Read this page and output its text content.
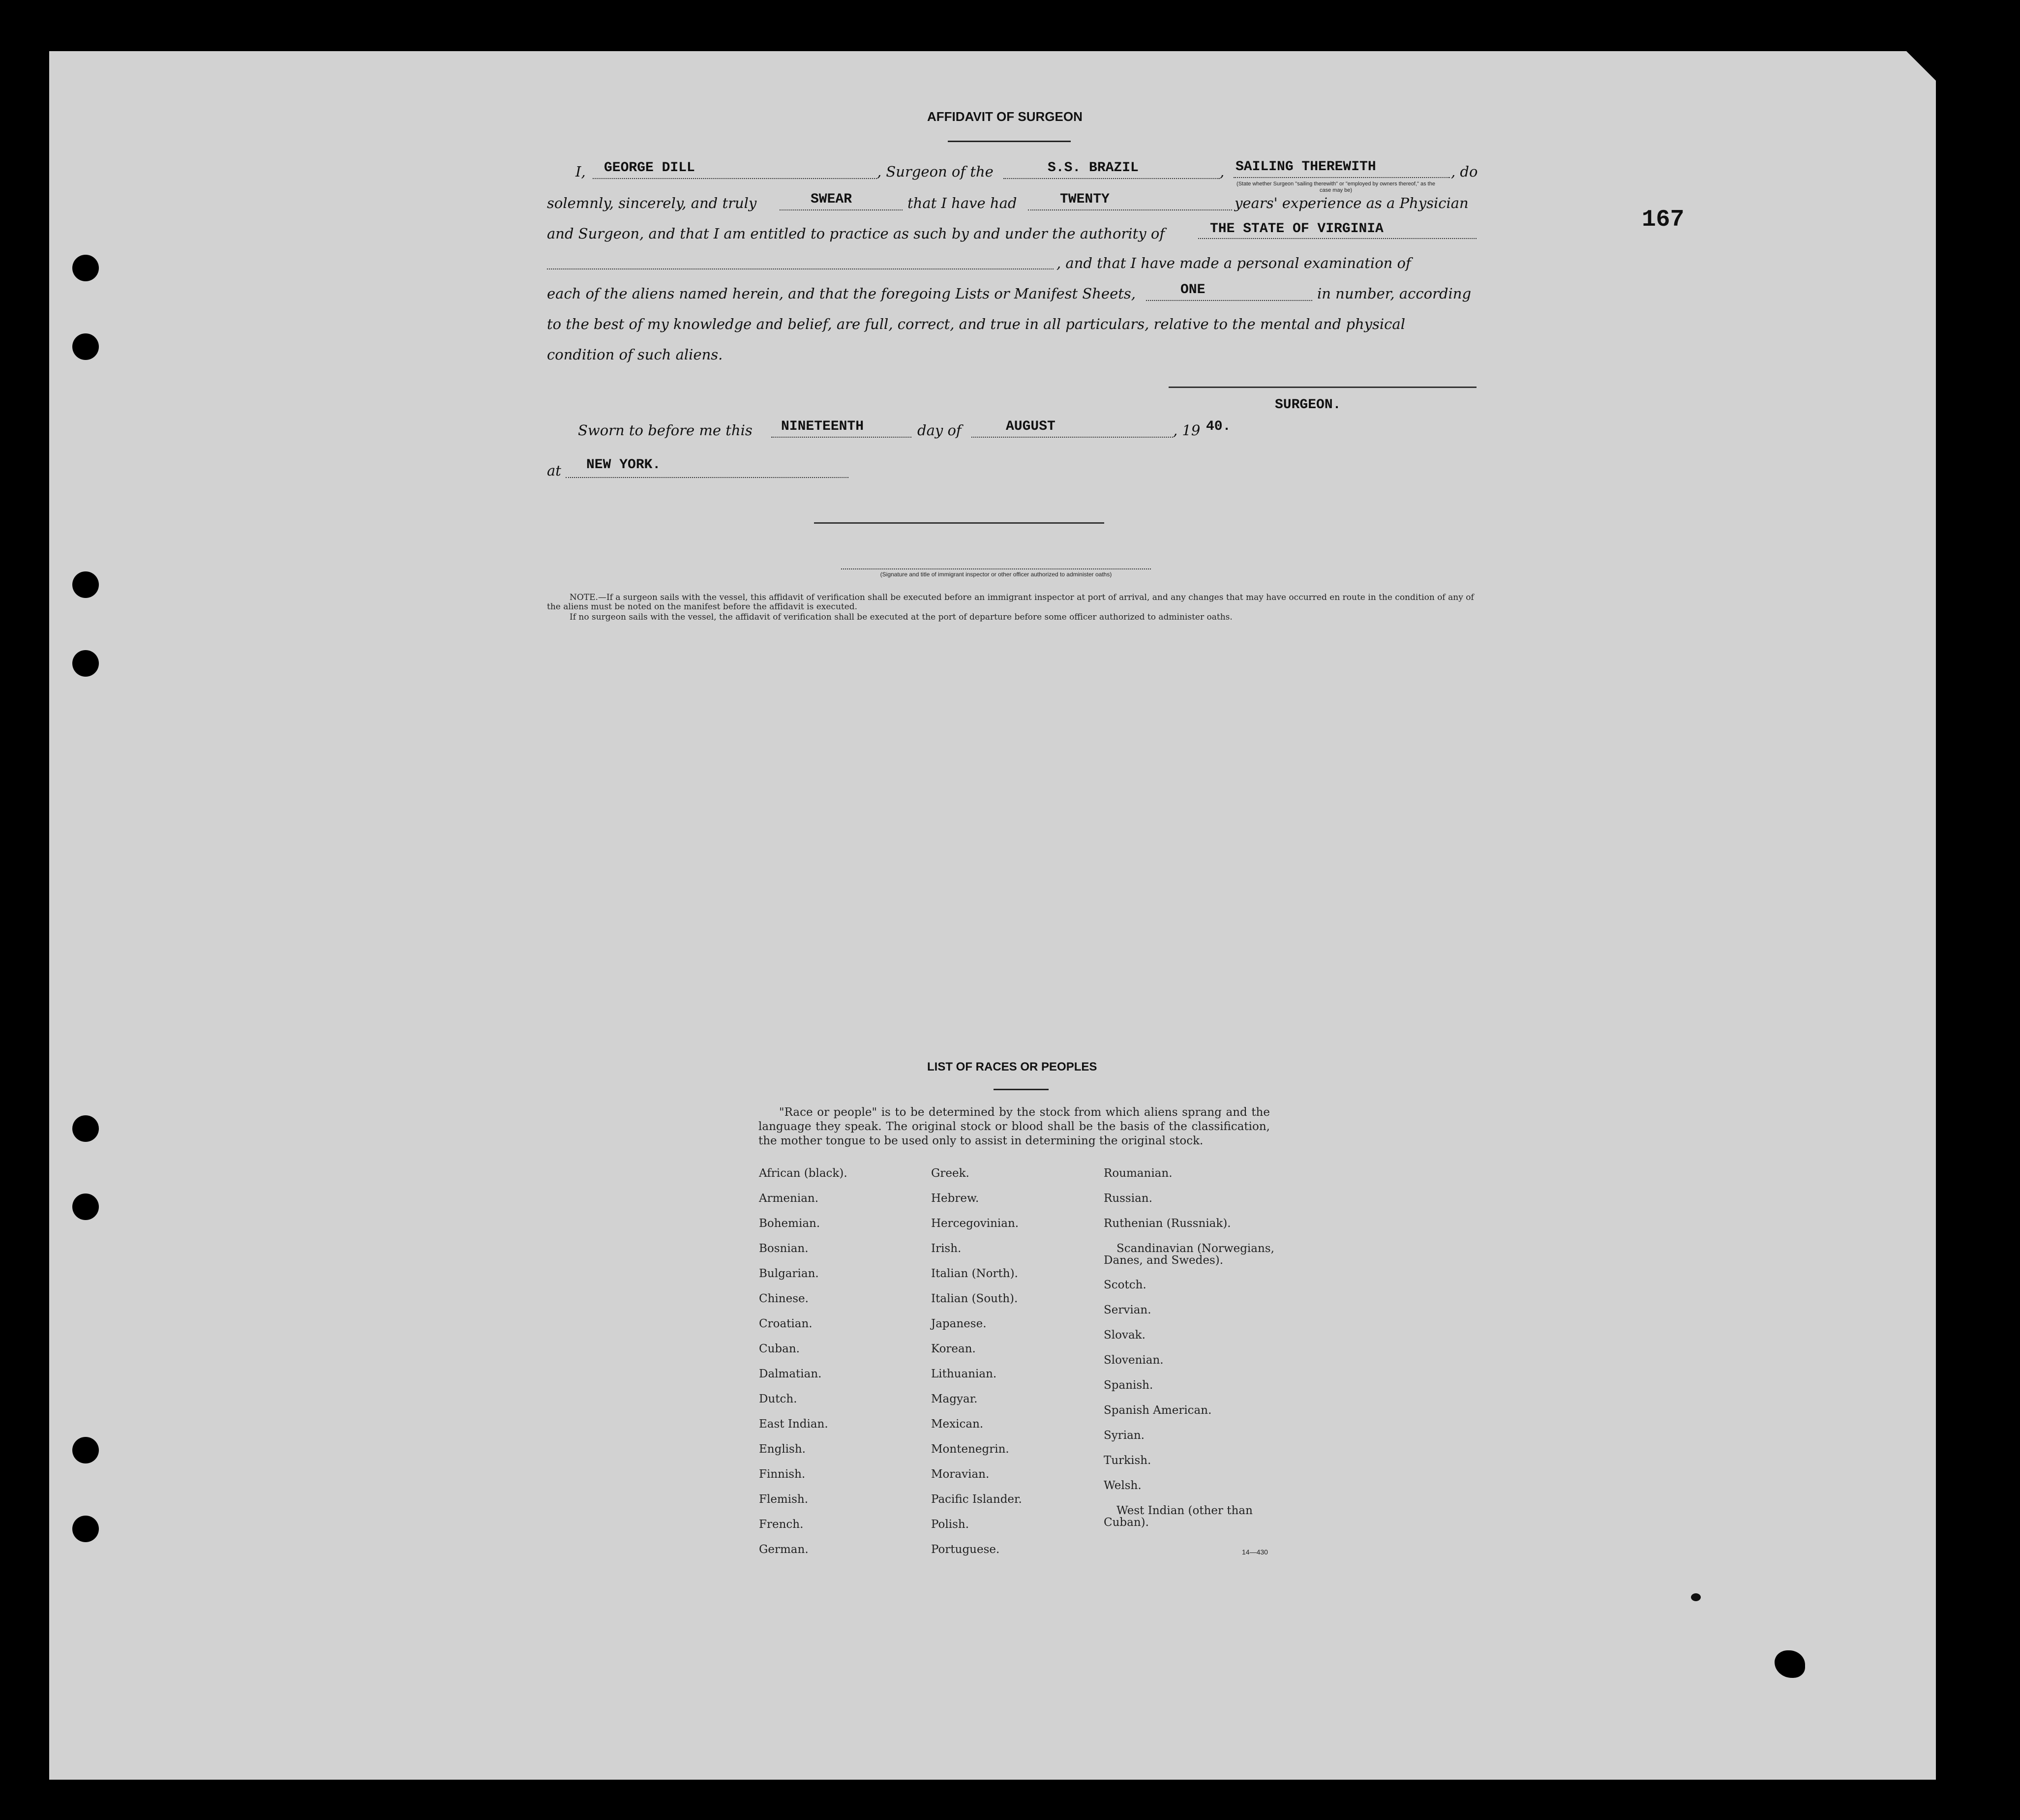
167
AFFIDAVIT OF SURGEON
I, GEORGE DILL	, Surgeon of the	S.S. BRAZIL	, SAILING THEREWITH	, do
(State whether Surgeon "sailing therewith" or "employed by owners thereof," as the case may be)
solemnly, sincerely, and truly	SWEAR	that I have had	TWENTY	years' experience as a Physician
and Surgeon, and that I am entitled to practice as such by and under the authority of	THE STATE OF VIRGINIA
, and that I have made a personal examination of
each of the aliens named herein, and that the foregoing Lists or Manifest Sheets,	ONE	in number, according
to the best of my knowledge and belief, are full, correct, and true in all particulars, relative to the mental and physical
condition of such aliens.
SURGEON.
Sworn to before me this NINETEENTH	day of	AUGUST	, 19 40.
at NEW YORK.
(Signature and title of immigrant inspector or other officer authorized to administer oaths)
NOTE.—If a surgeon sails with the vessel, this affidavit of verification shall be executed before an immigrant inspector at port of arrival, and any changes that may have occurred en route in the condition of any of the aliens must be noted on the manifest before the affidavit is executed.
If no surgeon sails with the vessel, the affidavit of verification shall be executed at the port of departure before some officer authorized to administer oaths.
LIST OF RACES OR PEOPLES
"Race or people" is to be determined by the stock from which aliens sprang and the language they speak. The original stock or blood shall be the basis of the classification, the mother tongue to be used only to assist in determining the original stock.
African (black).
Armenian.
Bohemian.
Bosnian.
Bulgarian.
Chinese.
Croatian.
Cuban.
Dalmatian.
Dutch.
East Indian.
English.
Finnish.
Flemish.
French.
German.
Greek.
Hebrew.
Hercegovinian.
Irish.
Italian (North).
Italian (South).
Japanese.
Korean.
Lithuanian.
Magyar.
Mexican.
Montenegrin.
Moravian.
Pacific Islander.
Polish.
Portuguese.
Roumanian.
Russian.
Ruthenian (Russniak).
Scandinavian (Norwegians, Danes, and Swedes).
Scotch.
Servian.
Slovak.
Slovenian.
Spanish.
Spanish American.
Syrian.
Turkish.
Welsh.
West Indian (other than Cuban).
14—430
